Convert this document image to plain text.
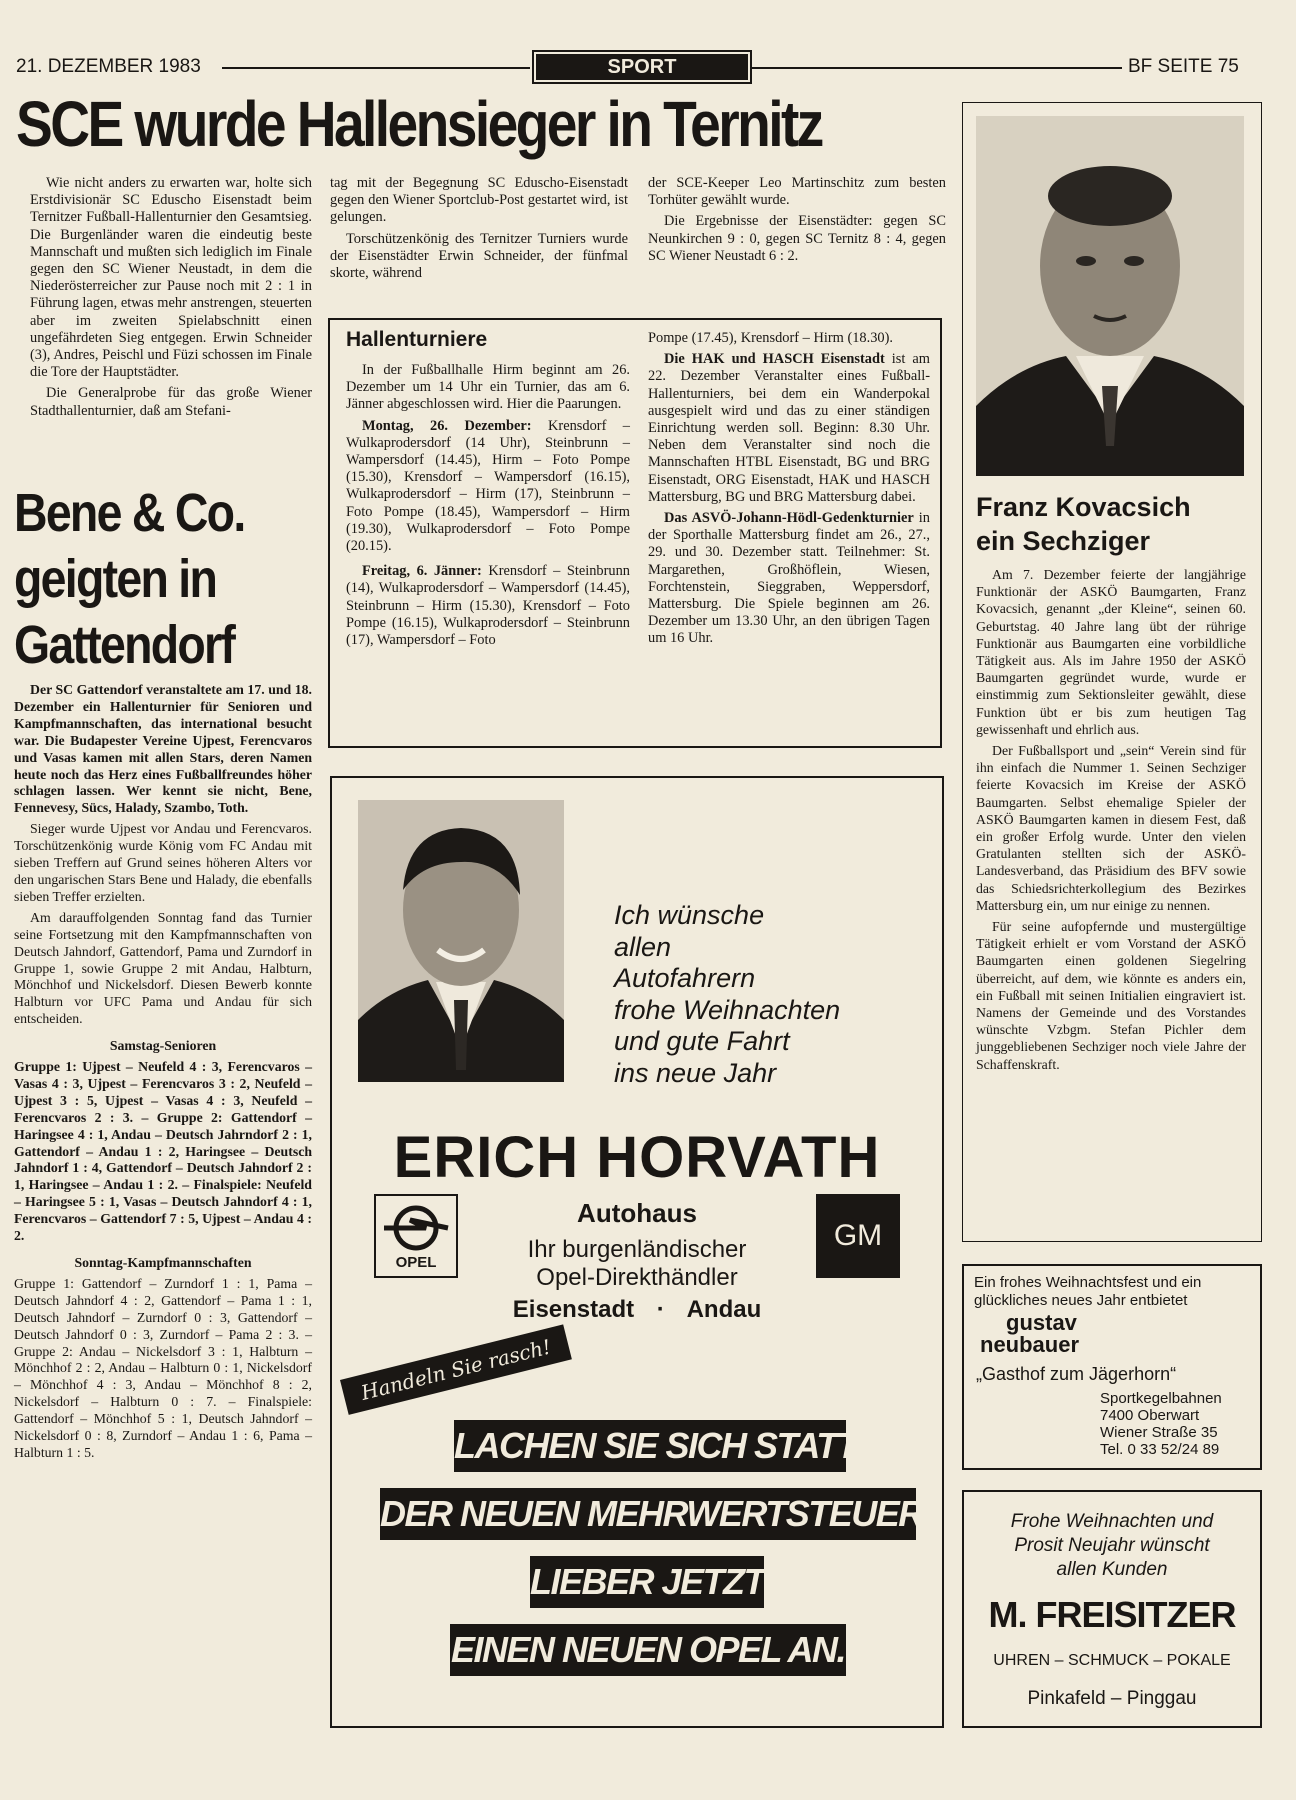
21. DEZEMBER 1983	SPORT	BF SEITE 75
SCE wurde Hallensieger in Ternitz

Wie nicht anders zu erwarten war, holte sich Erstdivisionär SC Eduscho Eisenstadt beim Ternitzer Fußball-Hallenturnier den Gesamtsieg. Die Burgenländer waren die eindeutig beste Mannschaft und mußten sich lediglich im Finale gegen den SC Wiener Neustadt, in dem die Niederösterreicher zur Pause noch mit 2 : 1 in Führung lagen, etwas mehr anstrengen, steuerten aber im zweiten Spielabschnitt einen ungefährdeten Sieg entgegen. Erwin Schneider (3), Andres, Peischl und Füzi schossen im Finale die Tore der Hauptstädter.

Die Generalprobe für das große Wiener Stadthallenturnier, daß am Stefani-

tag mit der Begegnung SC Eduscho-Eisenstadt gegen den Wiener Sportclub-Post gestartet wird, ist gelungen.

Torschützenkönig des Ternitzer Turniers wurde der Eisenstädter Erwin Schneider, der fünfmal skorte, während

der SCE-Keeper Leo Martinschitz zum besten Torhüter gewählt wurde.

Die Ergebnisse der Eisenstädter: gegen SC Neunkirchen 9 : 0, gegen SC Ternitz 8 : 4, gegen SC Wiener Neustadt 6 : 2.

Hallenturniere

In der Fußballhalle Hirm beginnt am 26. Dezember um 14 Uhr ein Turnier, das am 6. Jänner abgeschlossen wird. Hier die Paarungen.

Montag, 26. Dezember: Krensdorf – Wulkaprodersdorf (14 Uhr), Steinbrunn – Wampersdorf (14.45), Hirm – Foto Pompe (15.30), Krensdorf – Wampersdorf (16.15), Wulkaprodersdorf – Hirm (17), Steinbrunn – Foto Pompe (18.45), Wampersdorf – Hirm (19.30), Wulkaprodersdorf – Foto Pompe (20.15).

Freitag, 6. Jänner: Krensdorf – Steinbrunn (14), Wulkaprodersdorf – Wampersdorf (14.45), Steinbrunn – Hirm (15.30), Krensdorf – Foto Pompe (16.15), Wulkaprodersdorf – Steinbrunn (17), Wampersdorf – Foto

Pompe (17.45), Krensdorf – Hirm (18.30).

Die HAK und HASCH Eisenstadt ist am 22. Dezember Veranstalter eines Fußball-Hallenturniers, bei dem ein Wanderpokal ausgespielt wird und das zu einer ständigen Einrichtung werden soll. Beginn: 8.30 Uhr. Neben dem Veranstalter sind noch die Mannschaften HTBL Eisenstadt, BG und BRG Eisenstadt, ORG Eisenstadt, HAK und HASCH Mattersburg, BG und BRG Mattersburg dabei.

Das ASVÖ-Johann-Hödl-Gedenkturnier in der Sporthalle Mattersburg findet am 26., 27., 29. und 30. Dezember statt. Teilnehmer: St. Margarethen, Großhöflein, Wiesen, Forchtenstein, Sieggraben, Weppersdorf, Mattersburg. Die Spiele beginnen am 26. Dezember um 13.30 Uhr, an den übrigen Tagen um 16 Uhr.

Bene & Co.
geigten in
Gattendorf

Der SC Gattendorf veranstaltete am 17. und 18. Dezember ein Hallenturnier für Senioren und Kampfmannschaften, das international besucht war. Die Budapester Vereine Ujpest, Ferencvaros und Vasas kamen mit allen Stars, deren Namen heute noch das Herz eines Fußballfreundes höher schlagen lassen. Wer kennt sie nicht, Bene, Fennevesy, Sücs, Halady, Szambo, Toth.

Sieger wurde Ujpest vor Andau und Ferencvaros. Torschützenkönig wurde König vom FC Andau mit sieben Treffern auf Grund seines höheren Alters vor den ungarischen Stars Bene und Halady, die ebenfalls sieben Treffer erzielten.

Am darauffolgenden Sonntag fand das Turnier seine Fortsetzung mit den Kampfmannschaften von Deutsch Jahndorf, Gattendorf, Pama und Zurndorf in Gruppe 1, sowie Gruppe 2 mit Andau, Halbturn, Mönchhof und Nickelsdorf. Diesen Bewerb konnte Halbturn vor UFC Pama und Andau für sich entscheiden.

Samstag-Senioren

Gruppe 1: Ujpest – Neufeld 4 : 3, Ferencvaros – Vasas 4 : 3, Ujpest – Ferencvaros 3 : 2, Neufeld – Ujpest 3 : 5, Ujpest – Vasas 4 : 3, Neufeld – Ferencvaros 2 : 3. – Gruppe 2: Gattendorf – Haringsee 4 : 1, Andau – Deutsch Jahrndorf 2 : 1, Gattendorf – Andau 1 : 2, Haringsee – Deutsch Jahndorf 1 : 4, Gattendorf – Deutsch Jahndorf 2 : 1, Haringsee – Andau 1 : 2. – Finalspiele: Neufeld – Haringsee 5 : 1, Vasas – Deutsch Jahndorf 4 : 1, Ferencvaros – Gattendorf 7 : 5, Ujpest – Andau 4 : 2.

Sonntag-Kampfmannschaften

Gruppe 1: Gattendorf – Zurndorf 1 : 1, Pama – Deutsch Jahndorf 4 : 2, Gattendorf – Pama 1 : 1, Deutsch Jahndorf – Zurndorf 0 : 3, Gattendorf – Deutsch Jahndorf 0 : 3, Zurndorf – Pama 2 : 3. – Gruppe 2: Andau – Nickelsdorf 3 : 1, Halbturn – Mönchhof 2 : 2, Andau – Halbturn 0 : 1, Nickelsdorf – Mönchhof 4 : 3, Andau – Mönchhof 8 : 2, Nickelsdorf – Halbturn 0 : 7. – Finalspiele: Gattendorf – Mönchhof 5 : 1, Deutsch Jahndorf – Nickelsdorf 0 : 8, Zurndorf – Andau 1 : 6, Pama – Halbturn 1 : 5.

Franz Kovacsich
ein Sechziger

Am 7. Dezember feierte der langjährige Funktionär der ASKÖ Baumgarten, Franz Kovacsich, genannt „der Kleine“, seinen 60. Geburtstag. 40 Jahre lang übt der rührige Funktionär aus Baumgarten eine vorbildliche Tätigkeit aus. Als im Jahre 1950 der ASKÖ Baumgarten gegründet wurde, wurde er einstimmig zum Sektionsleiter gewählt, diese Funktion übt er bis zum heutigen Tag gewissenhaft und ehrlich aus.

Der Fußballsport und „sein“ Verein sind für ihn einfach die Nummer 1. Seinen Sechziger feierte Kovacsich im Kreise der ASKÖ Baumgarten. Selbst ehemalige Spieler der ASKÖ Baumgarten kamen in diesem Fest, daß ein großer Erfolg wurde. Unter den vielen Gratulanten stellten sich der ASKÖ-Landesverband, das Präsidium des BFV sowie das Schiedsrichterkollegium des Bezirkes Mattersburg ein, um nur einige zu nennen.

Für seine aufopfernde und mustergültige Tätigkeit erhielt er vom Vorstand der ASKÖ Baumgarten einen goldenen Siegelring überreicht, auf dem, wie könnte es anders ein, ein Fußball mit seinen Initialien eingraviert ist. Namens der Gemeinde und des Vorstandes wünschte Vzbgm. Stefan Pichler dem junggebliebenen Sechziger noch viele Jahre der Schaffenskraft.

Ich wünsche
allen
Autofahrern
frohe Weihnachten
und gute Fahrt
ins neue Jahr
ERICH HORVATH
OPEL
GM
Autohaus
Ihr burgenländischer
Opel-Direkthändler
Eisenstadt · Andau
Handeln Sie rasch!
LACHEN SIE SICH STATT
DER NEUEN MEHRWERTSTEUER
LIEBER JETZT
EINEN NEUEN OPEL AN.
Ein frohes Weihnachtsfest und ein
glückliches neues Jahr entbietet
gustav
neubauer
„Gasthof zum Jägerhorn“
Sportkegelbahnen
7400 Oberwart
Wiener Straße 35
Tel. 0 33 52/24 89
Frohe Weihnachten und
Prosit Neujahr wünscht
allen Kunden
M. FREISITZER
UHREN – SCHMUCK – POKALE
Pinkafeld – Pinggau
